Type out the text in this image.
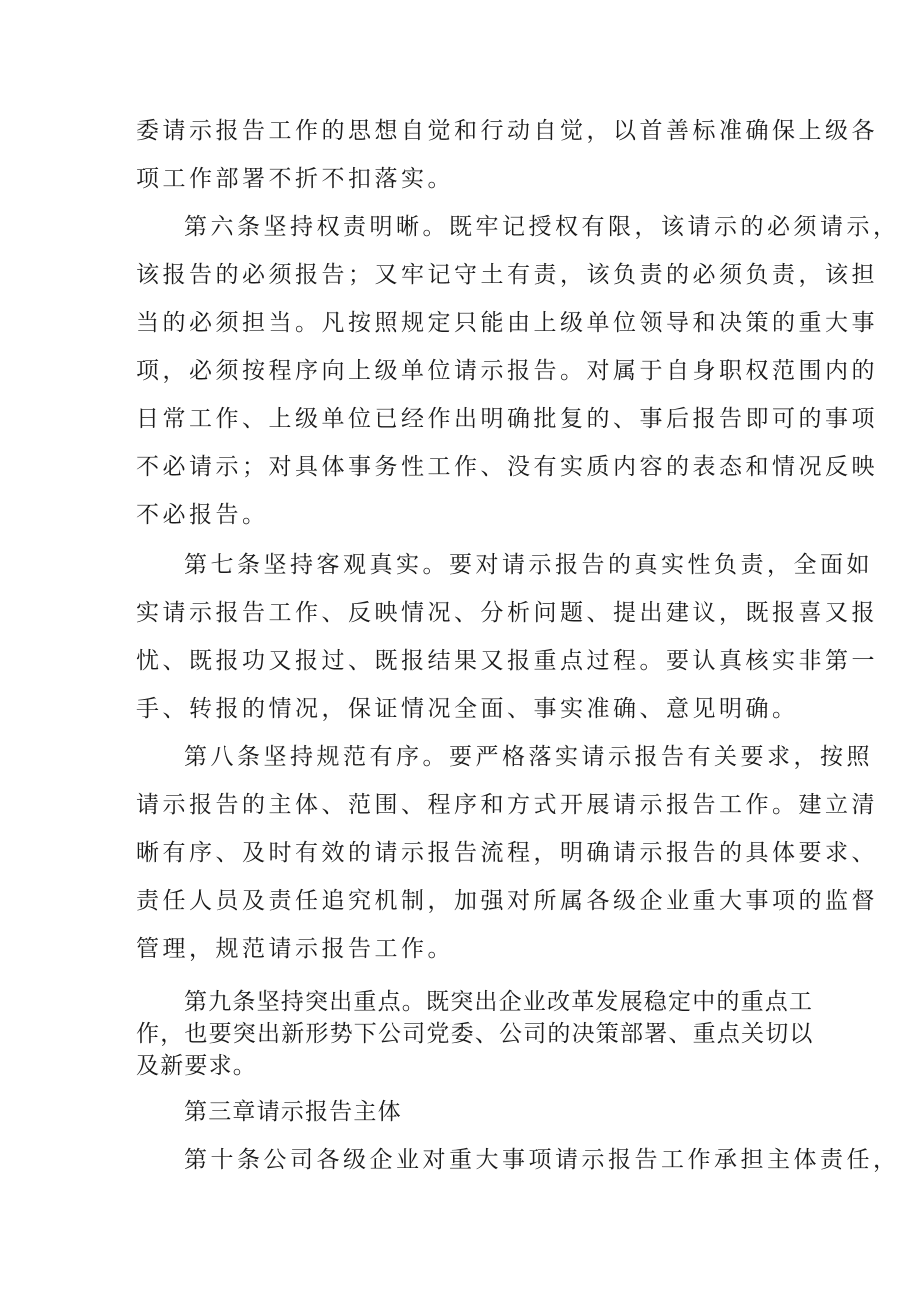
委请示报告工作的思想自觉和行动自觉，以首善标准确保上级各

项工作部署不折不扣落实。

第六条坚持权责明晰。既牢记授权有限，该请示的必须请示，

该报告的必须报告；又牢记守土有责，该负责的必须负责，该担

当的必须担当。凡按照规定只能由上级单位领导和决策的重大事

项，必须按程序向上级单位请示报告。对属于自身职权范围内的

日常工作、上级单位已经作出明确批复的、事后报告即可的事项

不必请示；对具体事务性工作、没有实质内容的表态和情况反映

不必报告。

第七条坚持客观真实。要对请示报告的真实性负责，全面如

实请示报告工作、反映情况、分析问题、提出建议，既报喜又报

忧、既报功又报过、既报结果又报重点过程。要认真核实非第一

手、转报的情况，保证情况全面、事实准确、意见明确。

第八条坚持规范有序。要严格落实请示报告有关要求，按照

请示报告的主体、范围、程序和方式开展请示报告工作。建立清

晰有序、及时有效的请示报告流程，明确请示报告的具体要求、

责任人员及责任追究机制，加强对所属各级企业重大事项的监督

管理，规范请示报告工作。

第九条坚持突出重点。既突出企业改革发展稳定中的重点工

作，也要突出新形势下公司党委、公司的决策部署、重点关切以

及新要求。

第三章请示报告主体

第十条公司各级企业对重大事项请示报告工作承担主体责任，
